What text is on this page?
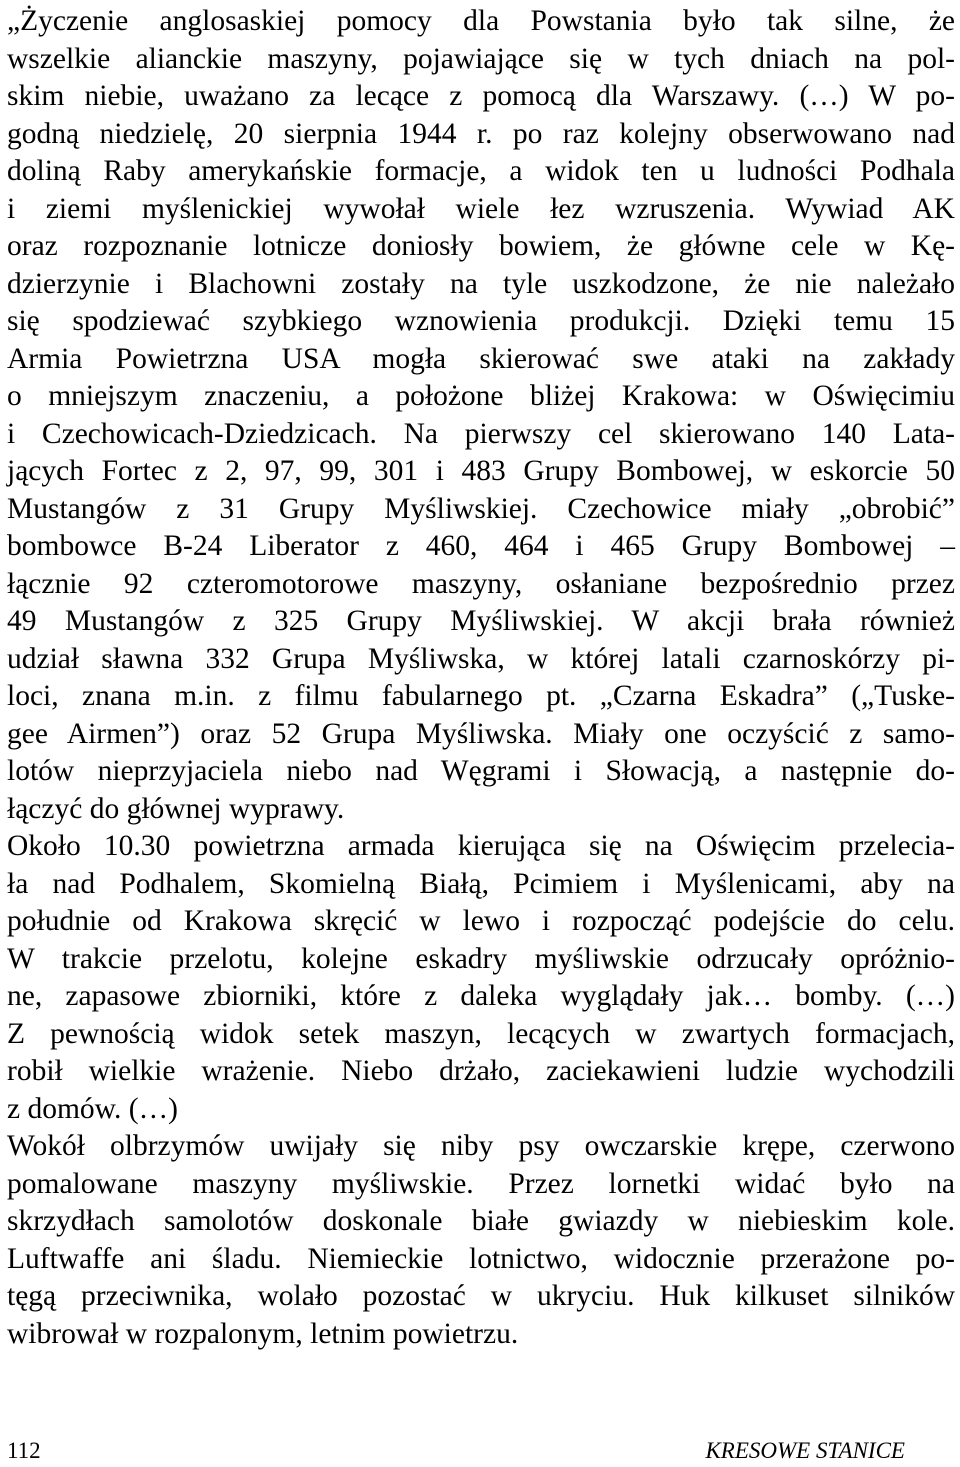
„Życzenie anglosaskiej pomocy dla Powstania było tak silne, że
wszelkie alianckie maszyny, pojawiające się w tych dniach na pol-
skim niebie, uważano za lecące z pomocą dla Warszawy. (…) W po-
godną niedzielę, 20 sierpnia 1944 r. po raz kolejny obserwowano nad
doliną Raby amerykańskie formacje, a widok ten u ludności Podhala
i ziemi myślenickiej wywołał wiele łez wzruszenia. Wywiad AK
oraz rozpoznanie lotnicze doniosły bowiem, że główne cele w Kę-
dzierzynie i Blachowni zostały na tyle uszkodzone, że nie należało
się spodziewać szybkiego wznowienia produkcji. Dzięki temu 15
Armia Powietrzna USA mogła skierować swe ataki na zakłady
o mniejszym znaczeniu, a położone bliżej Krakowa: w Oświęcimiu
i Czechowicach-Dziedzicach. Na pierwszy cel skierowano 140 Lata-
jących Fortec z 2, 97, 99, 301 i 483 Grupy Bombowej, w eskorcie 50
Mustangów z 31 Grupy Myśliwskiej. Czechowice miały „obrobić”
bombowce B-24 Liberator z 460, 464 i 465 Grupy Bombowej –
łącznie 92 czteromotorowe maszyny, osłaniane bezpośrednio przez
49 Mustangów z 325 Grupy Myśliwskiej. W akcji brała również
udział sławna 332 Grupa Myśliwska, w której latali czarnoskórzy pi-
loci, znana m.in. z filmu fabularnego pt. „Czarna Eskadra” („Tuske-
gee Airmen”) oraz 52 Grupa Myśliwska. Miały one oczyścić z samo-
lotów nieprzyjaciela niebo nad Węgrami i Słowacją, a następnie do-
łączyć do głównej wyprawy.
Około 10.30 powietrzna armada kierująca się na Oświęcim przelecia-
ła nad Podhalem, Skomielną Białą, Pcimiem i Myślenicami, aby na
południe od Krakowa skręcić w lewo i rozpocząć podejście do celu.
W trakcie przelotu, kolejne eskadry myśliwskie odrzucały opróżnio-
ne, zapasowe zbiorniki, które z daleka wyglądały jak… bomby. (…)
Z pewnością widok setek maszyn, lecących w zwartych formacjach,
robił wielkie wrażenie. Niebo drżało, zaciekawieni ludzie wychodzili
z domów. (…)
Wokół olbrzymów uwijały się niby psy owczarskie krępe, czerwono
pomalowane maszyny myśliwskie. Przez lornetki widać było na
skrzydłach samolotów doskonale białe gwiazdy w niebieskim kole.
Luftwaffe ani śladu. Niemieckie lotnictwo, widocznie przerażone po-
tęgą przeciwnika, wolało pozostać w ukryciu. Huk kilkuset silników
wibrował w rozpalonym, letnim powietrzu.
112	KRESOWE STANICE
